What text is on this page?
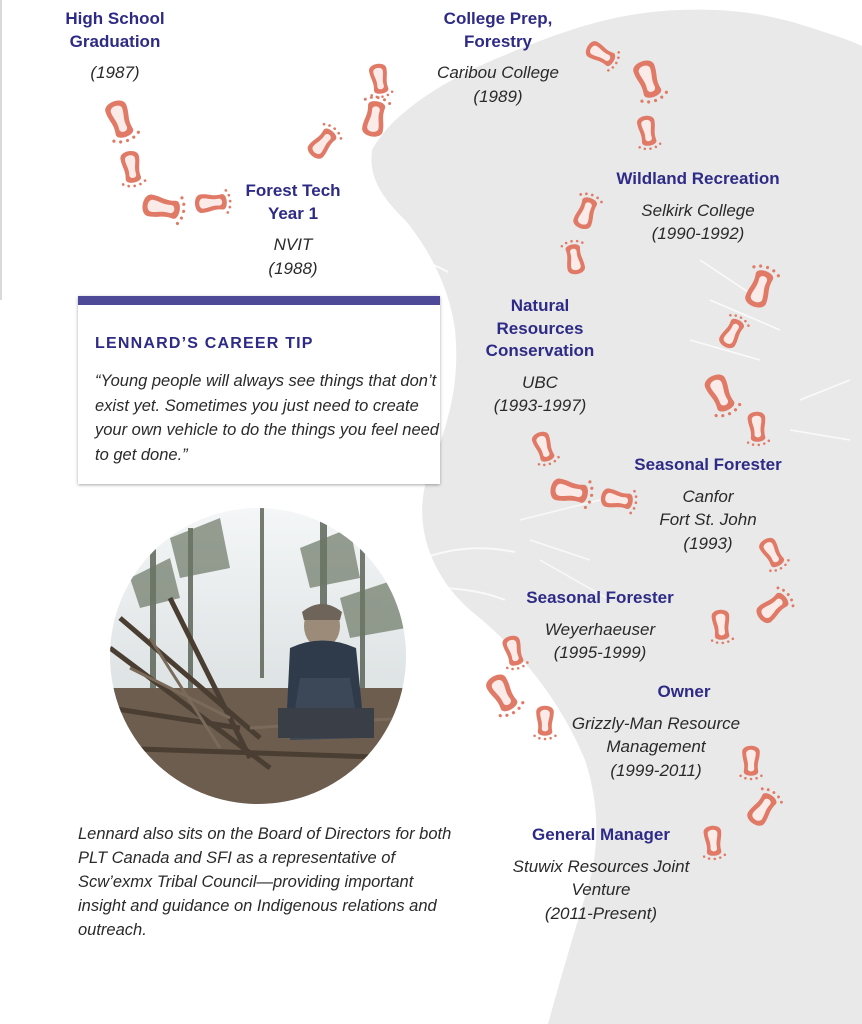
High School Graduation
(1987)
College Prep, Forestry
Caribou College
(1989)
Forest Tech Year 1
NVIT
(1988)
Wildland Recreation
Selkirk College
(1990-1992)
Natural Resources Conservation
UBC
(1993-1997)
Seasonal Forester
Canfor
Fort St. John
(1993)
Seasonal Forester
Weyerhaeuser
(1995-1999)
Owner
Grizzly-Man Resource
Management
(1999-2011)
General Manager
Stuwix Resources Joint
Venture
(2011-Present)
LENNARD’S CAREER TIP
“Young people will always see things that don’t exist yet. Sometimes you just need to create your own vehicle to do the things you feel need to get done.”
Lennard also sits on the Board of Directors for both PLT Canada and SFI as a representative of Scw’exmx Tribal Council—providing important insight and guidance on Indigenous relations and outreach.
